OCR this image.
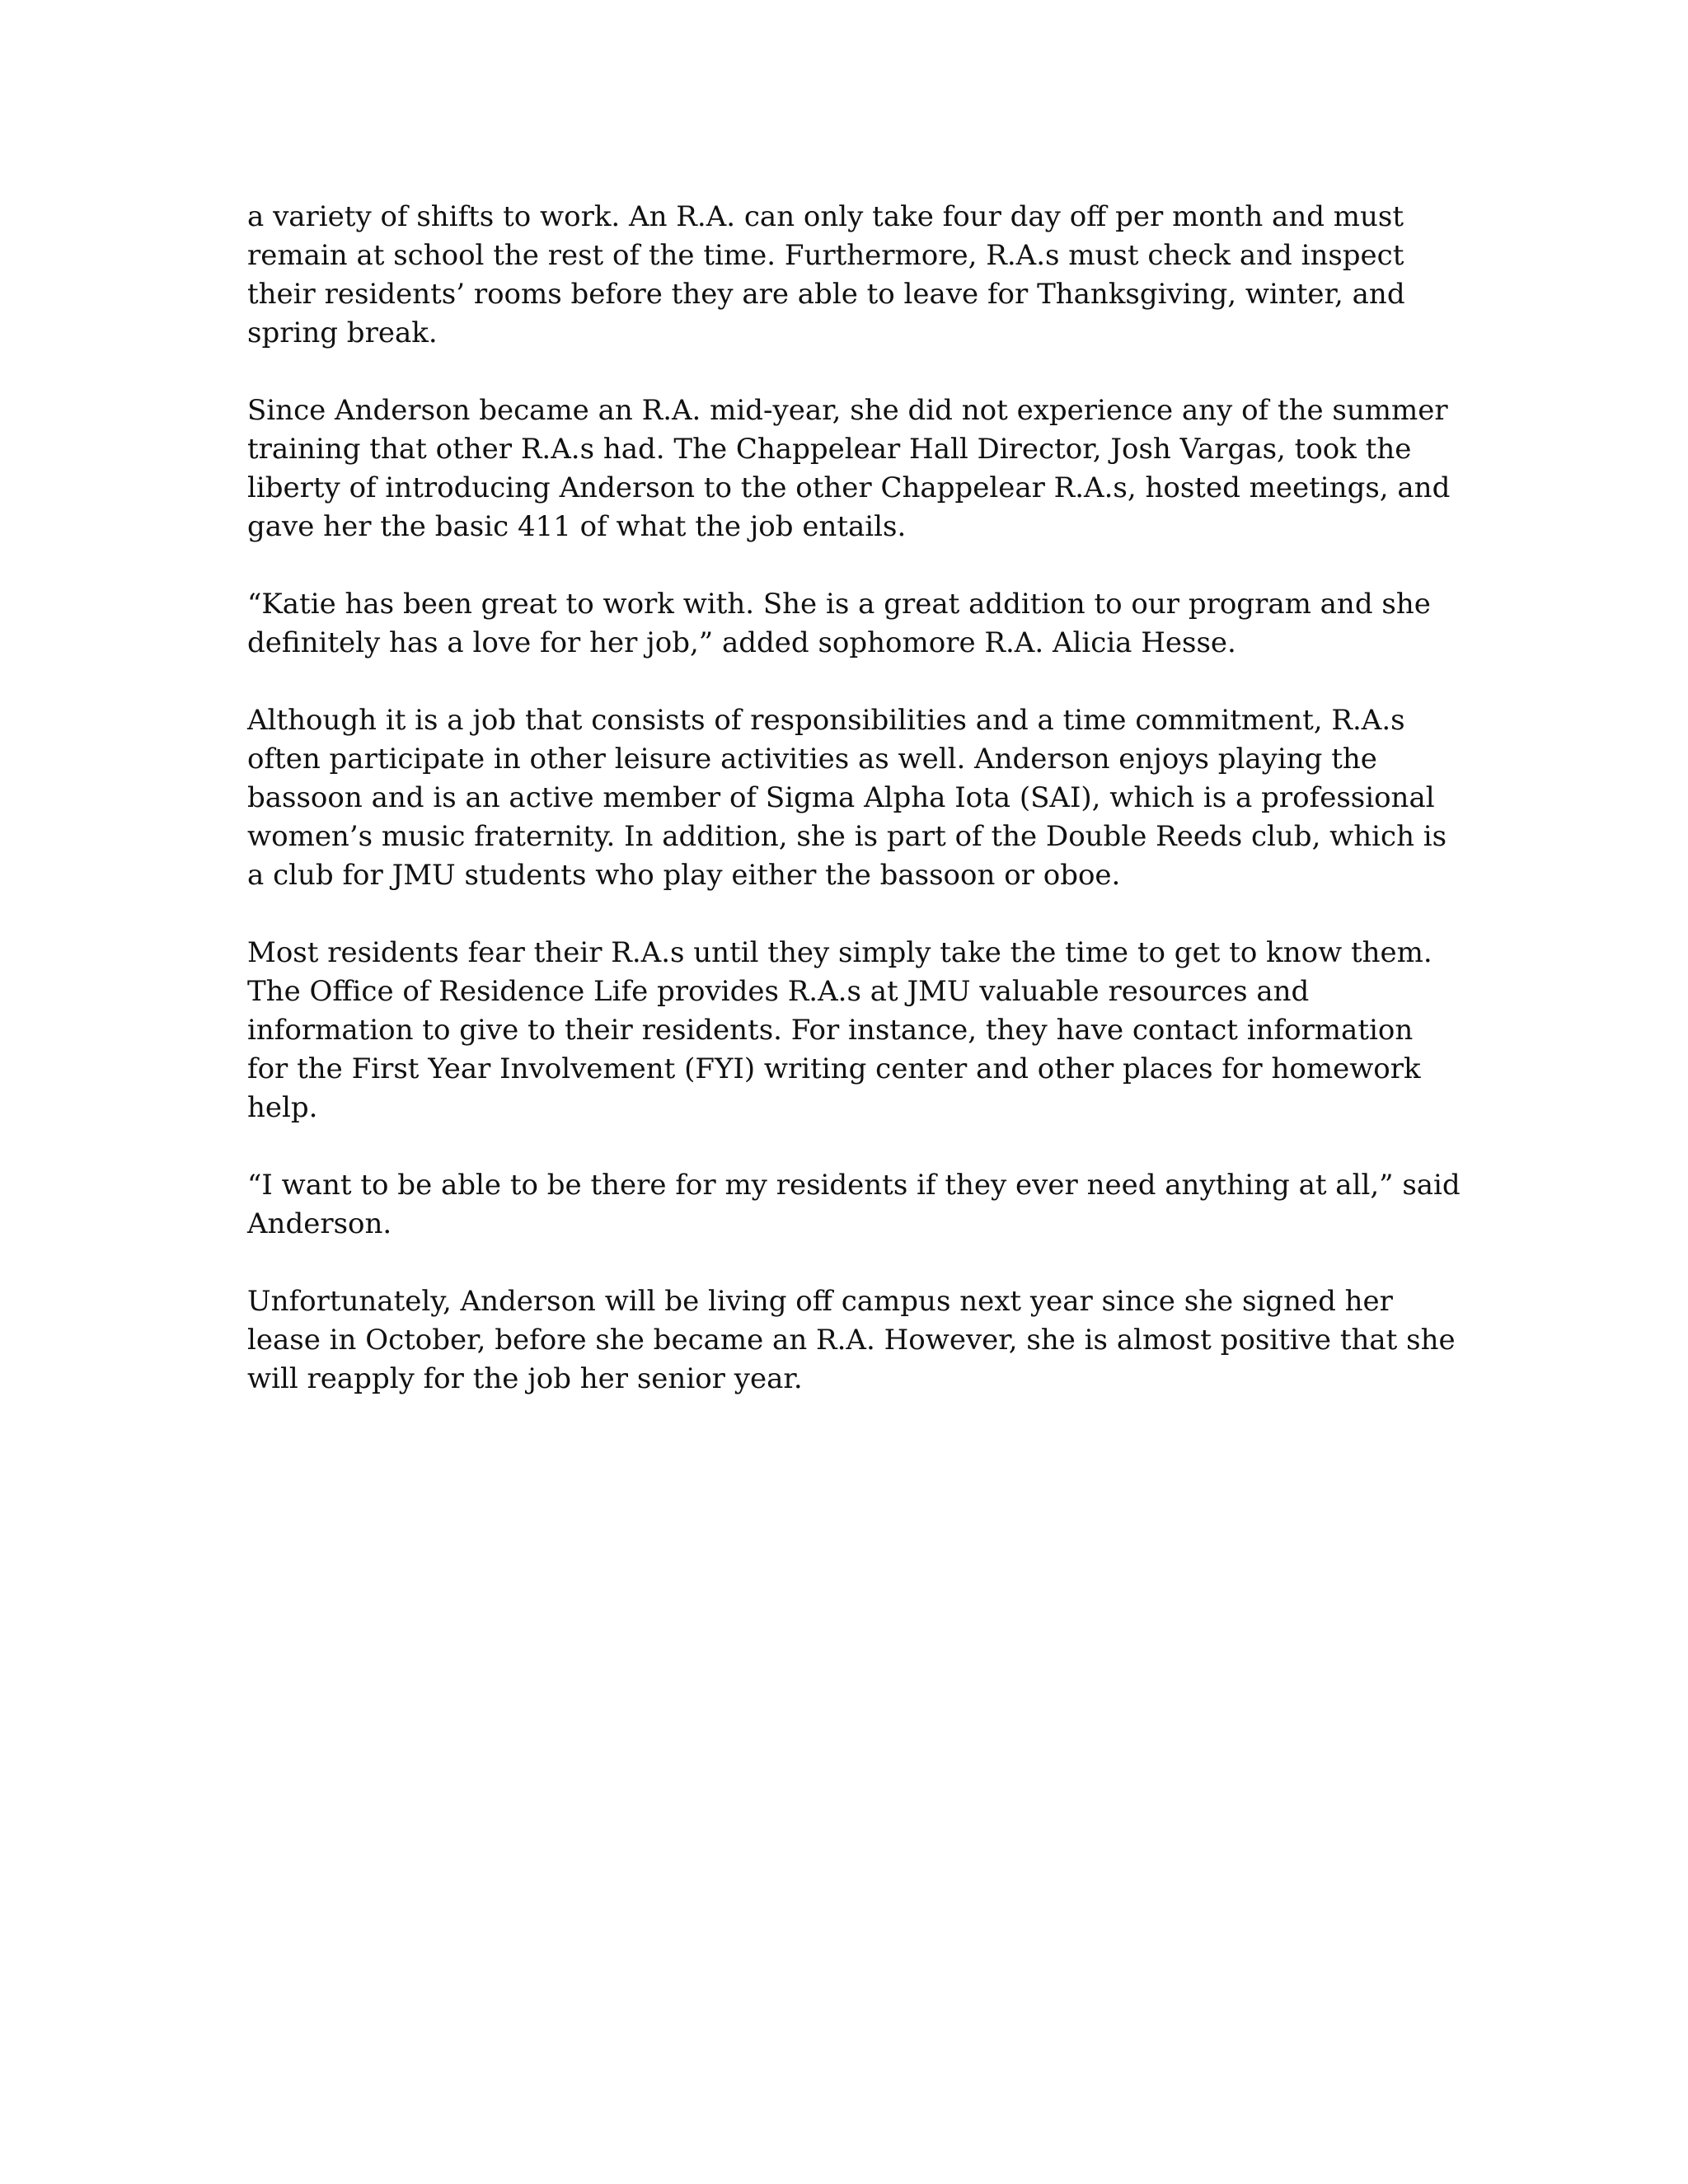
a variety of shifts to work. An R.A. can only take four day off per month and must
remain at school the rest of the time. Furthermore, R.A.s must check and inspect
their residents’ rooms before they are able to leave for Thanksgiving, winter, and
spring break.

Since Anderson became an R.A. mid-year, she did not experience any of the summer
training that other R.A.s had. The Chappelear Hall Director, Josh Vargas, took the
liberty of introducing Anderson to the other Chappelear R.A.s, hosted meetings, and
gave her the basic 411 of what the job entails.

“Katie has been great to work with. She is a great addition to our program and she
definitely has a love for her job,” added sophomore R.A. Alicia Hesse.

Although it is a job that consists of responsibilities and a time commitment, R.A.s
often participate in other leisure activities as well. Anderson enjoys playing the
bassoon and is an active member of Sigma Alpha Iota (SAI), which is a professional
women’s music fraternity. In addition, she is part of the Double Reeds club, which is
a club for JMU students who play either the bassoon or oboe.

Most residents fear their R.A.s until they simply take the time to get to know them.
The Office of Residence Life provides R.A.s at JMU valuable resources and
information to give to their residents. For instance, they have contact information
for the First Year Involvement (FYI) writing center and other places for homework
help.

“I want to be able to be there for my residents if they ever need anything at all,” said
Anderson.

Unfortunately, Anderson will be living off campus next year since she signed her
lease in October, before she became an R.A. However, she is almost positive that she
will reapply for the job her senior year.
